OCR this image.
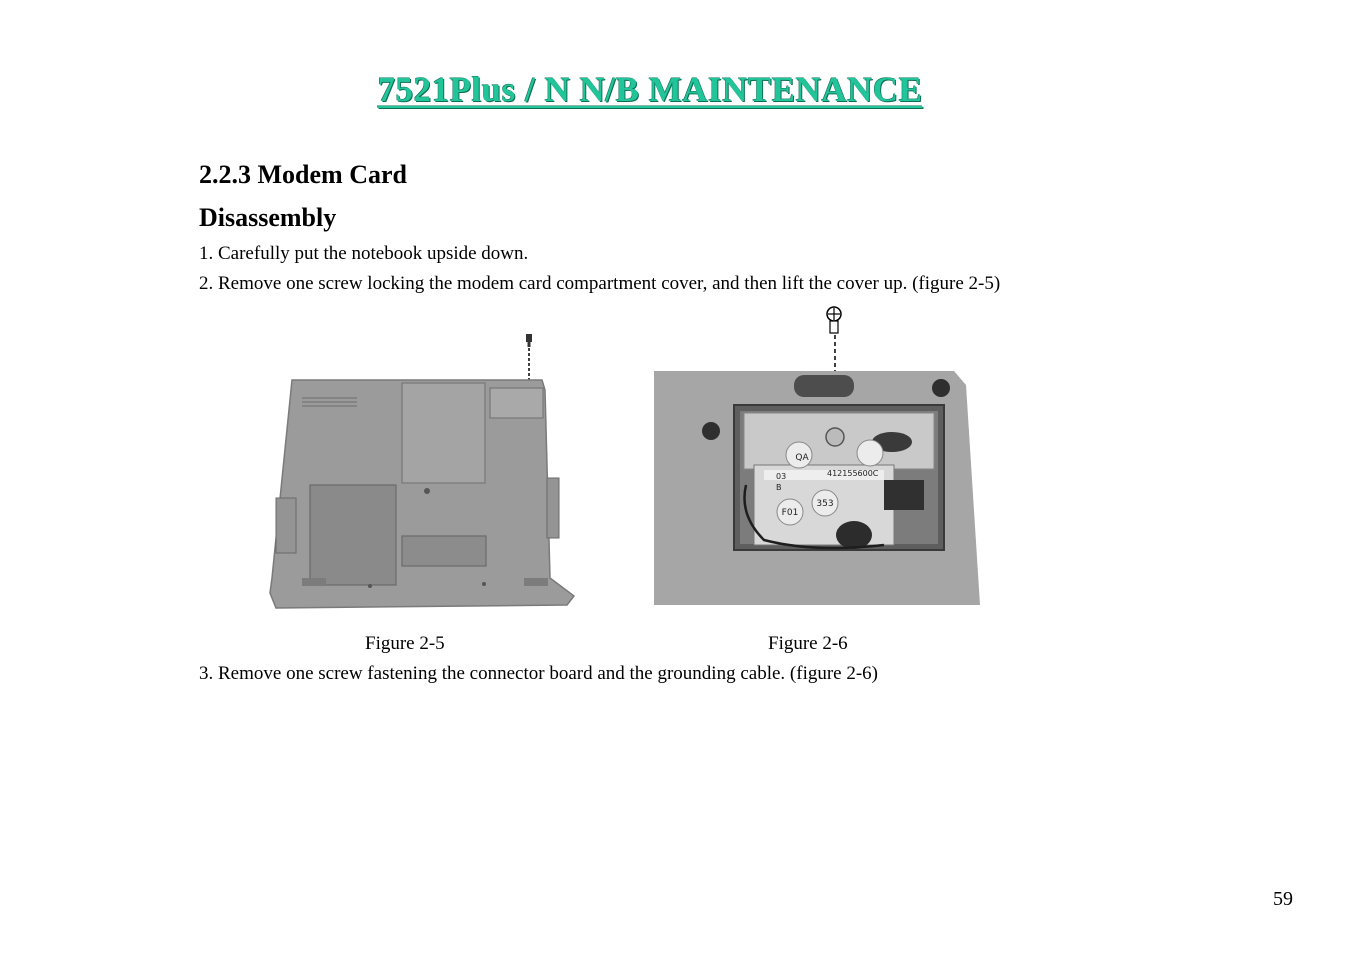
7521Plus / N N/B MAINTENANCE
2.2.3 Modem Card
Disassembly

1. Carefully put the notebook upside down.

2. Remove one screw locking the modem card compartment cover, and then lift the cover up. (figure 2-5)

QA
412155600C
03
B
353
F01

Figure 2-5	Figure 2-6

3. Remove one screw fastening the connector board and the grounding cable. (figure 2-6)

59
